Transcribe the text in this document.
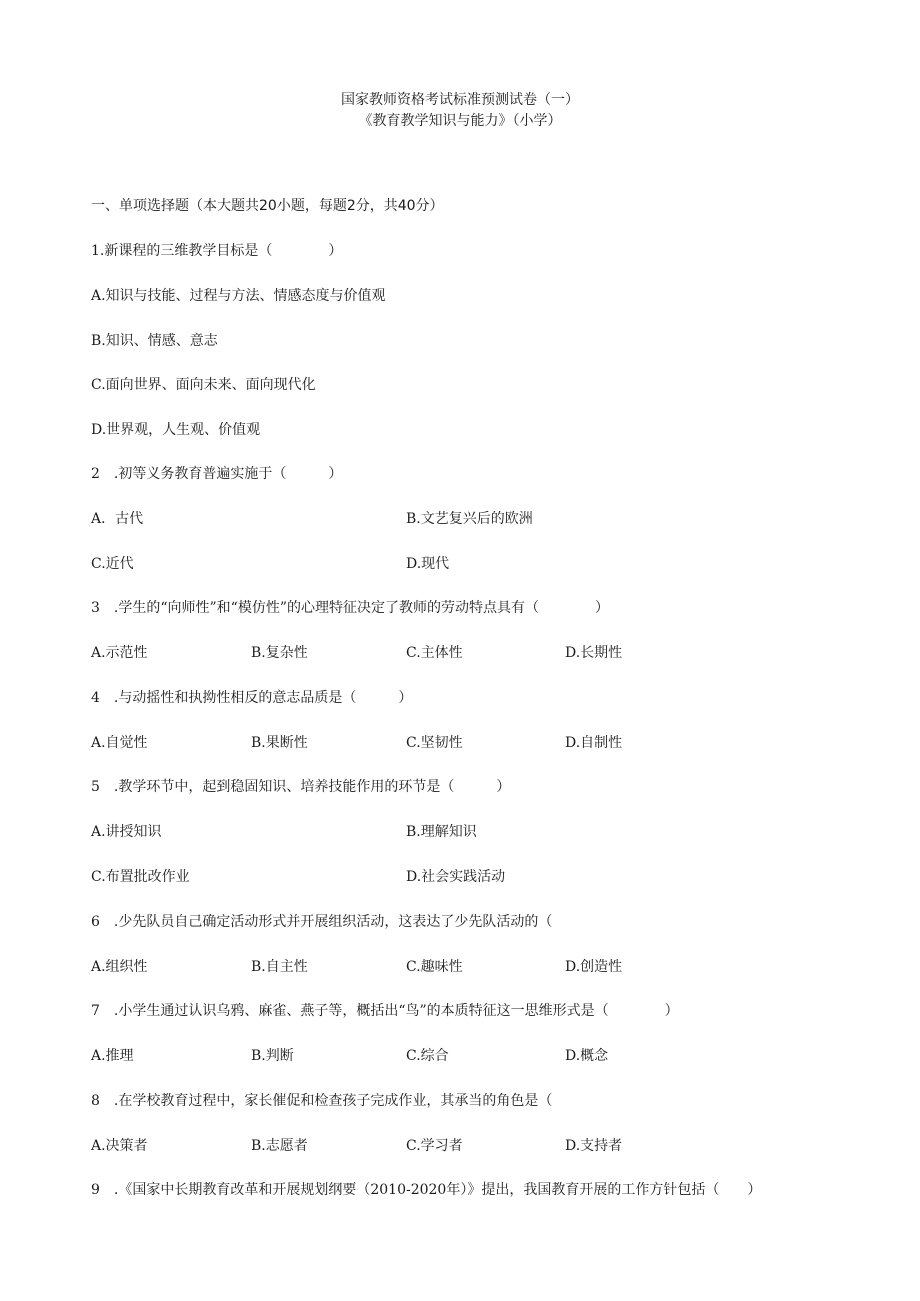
国家教师资格考试标准预测试卷（一）
《教育教学知识与能力》（小学）
一、单项选择题（本大题共20小题，每题2分，共40分）
1.新课程的三维教学目标是（　　　　）
A.知识与技能、过程与方法、情感态度与价值观
B.知识、情感、意志
C.面向世界、面向未来、面向现代化
D.世界观，人生观、价值观
2　.初等义务教育普遍实施于（　　　）
A．古代	B.文艺复兴后的欧洲
C.近代	D.现代
3　.学生的“向师性”和“模仿性”的心理特征决定了教师的劳动特点具有（　　　　）
A.示范性	B.复杂性	C.主体性	D.长期性
4　.与动摇性和执拗性相反的意志品质是（　　　）
A.自觉性	B.果断性	C.坚韧性	D.自制性
5　.教学环节中，起到稳固知识、培养技能作用的环节是（　　　）
A.讲授知识	B.理解知识
C.布置批改作业	D.社会实践活动
6　.少先队员自己确定活动形式并开展组织活动，这表达了少先队活动的（
A.组织性	B.自主性	C.趣味性	D.创造性
7　.小学生通过认识乌鸦、麻雀、燕子等，概括出“鸟”的本质特征这一思维形式是（　　　　）
A.推理	B.判断	C.综合	D.概念
8　.在学校教育过程中，家长催促和检查孩子完成作业，其承当的角色是（
A.决策者	B.志愿者	C.学习者	D.支持者
9　.《国家中长期教育改革和开展规划纲要（2010-2020年）》提出，我国教育开展的工作方针包括（　　）
